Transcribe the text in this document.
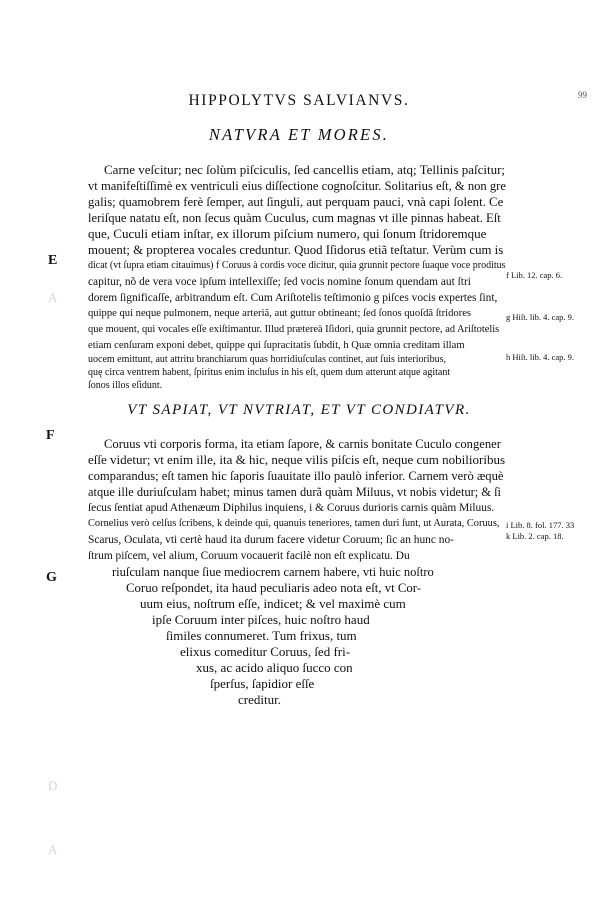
HIPPOLYTVS SALVIANVS.	99
NATVRA ET MORES.
Carne veſcitur; nec ſolùm piſciculis, ſed cancellis etiam, atq; Tellinis paſcitur;
vt manifeſtiſſimè ex ventriculi eius diſſectione cognoſcitur. Solitarius eſt, & non gre
galis; quamobrem ferè ſemper, aut ſinguli, aut perquam pauci, vnà capi ſolent. Ce
leriſque natatu eſt, non ſecus quàm Cuculus, cum magnas vt ille pinnas habeat. Eſt
que, Cuculi etiam inſtar, ex illorum piſcium numero, qui ſonum ſtridoremque
mouent; & propterea vocales creduntur. Quod Iſidorus etiã teſtatur. Verùm cum is
dicat (vt ſupra etiam citauimus) f Coruus à cordis voce dicitur, quia grunnit pectore ſuaque voce proditus
capitur, nõ de vera voce ipſum intellexiſſe; ſed vocis nomine ſonum quendam aut ſtri
dorem ſignificaſſe, arbitrandum eſt. Cum Ariſtotelis teſtimonio g piſces vocis expertes ſint,
quippe qui neque pulmonem, neque arteriã, aut guttur obtineant; ſed ſonos quoſdã ſtridores
que mouent, qui vocales eſſe exiſtimantur. Illud prætereà Iſidori, quia grunnit pectore, ad Ariſtotelis
etiam cenſuram exponi debet, quippe qui ſupracitatis ſubdit, h Quæ omnia creditam illam
uocem emittunt, aut attritu branchiarum quas horridiuſculas continet, aut ſuis interioribus,
quę circa ventrem habent, ſpiritus enim incluſus in his eſt, quem dum atterunt atque agitant
ſonos illos eſidunt.
E
A
f Lib. 12. cap. 6.
g Hiſt. lib. 4. cap. 9.
h Hiſt. lib. 4. cap. 9.
VT SAPIAT, VT NVTRIAT, ET VT CONDIATVR.
Coruus vti corporis forma, ita etiam ſapore, & carnis bonitate Cuculo congener
eſſe videtur; vt enim ille, ita & hic, neque vilis piſcis eſt, neque cum nobilioribus
comparandus; eſt tamen hic ſaporis ſuauitate illo paulò inferior. Carnem verò æquè
atque ille duriuſculam habet; minus tamen durã quàm Miluus, vt nobis videtur; & ſi
ſecus ſentiat apud Athenæum Diphilus inquiens, i & Coruus durioris carnis quàm Miluus.
Cornelius verò celſus ſcribens, k deinde qui, quanuis teneriores, tamen duri ſunt, ut Aurata, Coruus,
Scarus, Oculata, vti certè haud ita durum facere videtur Coruum; ſic an hunc no-
ſtrum piſcem, vel alium, Coruum vocauerit facilè non eſt explicatu. Du
F
G
i Lib. 8. fol. 177. 33
k Lib. 2. cap. 18.
riuſculam nanque ſiue mediocrem carnem habere, vti huic noſtro
Coruo reſpondet, ita haud peculiaris adeo nota eſt, vt Cor-
uum eius, noſtrum eſſe, indicet; & vel maximè cum
ipſe Coruum inter piſces, huic noſtro haud
ſimiles connumeret. Tum frixus, tum
elixus comeditur Coruus, ſed fri-
xus, ac acido aliquo ſucco con
ſperſus, ſapidior eſſe
creditur.
D
A
